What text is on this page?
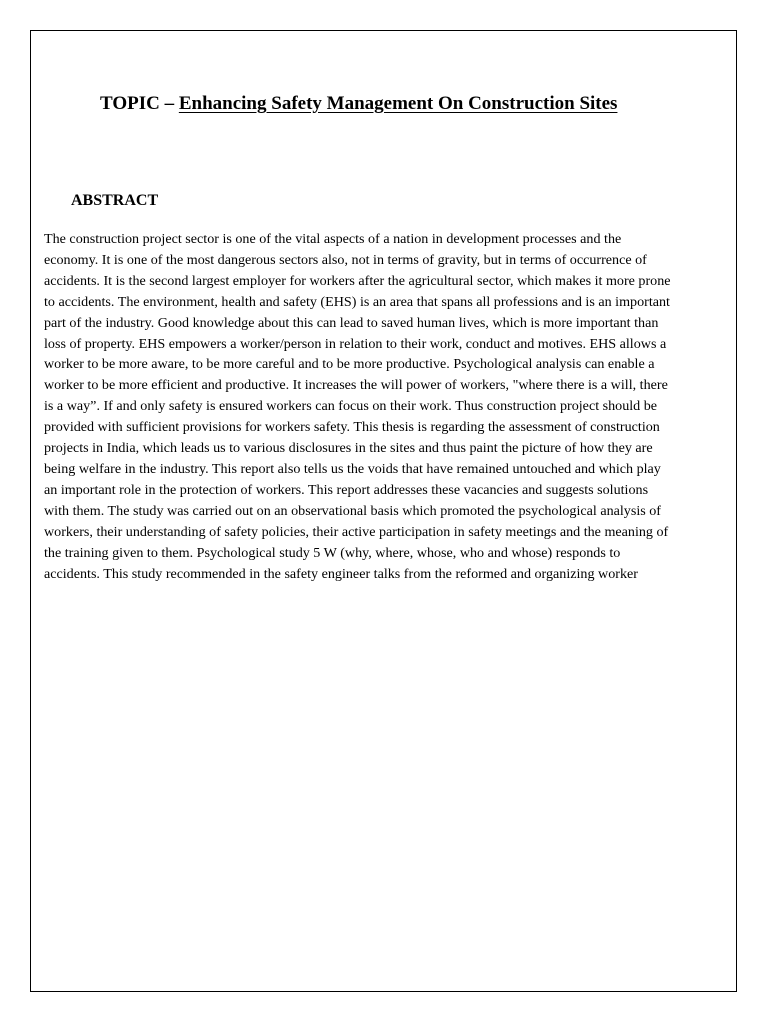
TOPIC – Enhancing Safety Management On Construction Sites
ABSTRACT
The construction project sector is one of the vital aspects of a nation in development processes and the
economy. It is one of the most dangerous sectors also, not in terms of gravity, but in terms of occurrence of
accidents. It is the second largest employer for workers after the agricultural sector, which makes it more prone
to accidents. The environment, health and safety (EHS) is an area that spans all professions and is an important
part of the industry. Good knowledge about this can lead to saved human lives, which is more important than
loss of property. EHS empowers a worker/person in relation to their work, conduct and motives. EHS allows a
worker to be more aware, to be more careful and to be more productive. Psychological analysis can enable a
worker to be more efficient and productive. It increases the will power of workers, "where there is a will, there
is a way”. If and only safety is ensured workers can focus on their work. Thus construction project should be
provided with sufficient provisions for workers safety. This thesis is regarding the assessment of construction
projects in India, which leads us to various disclosures in the sites and thus paint the picture of how they are
being welfare in the industry. This report also tells us the voids that have remained untouched and which play
an important role in the protection of workers. This report addresses these vacancies and suggests solutions
with them. The study was carried out on an observational basis which promoted the psychological analysis of
workers, their understanding of safety policies, their active participation in safety meetings and the meaning of
the training given to them. Psychological study 5 W (why, where, whose, who and whose) responds to
accidents. This study recommended in the safety engineer talks from the reformed and organizing worker
